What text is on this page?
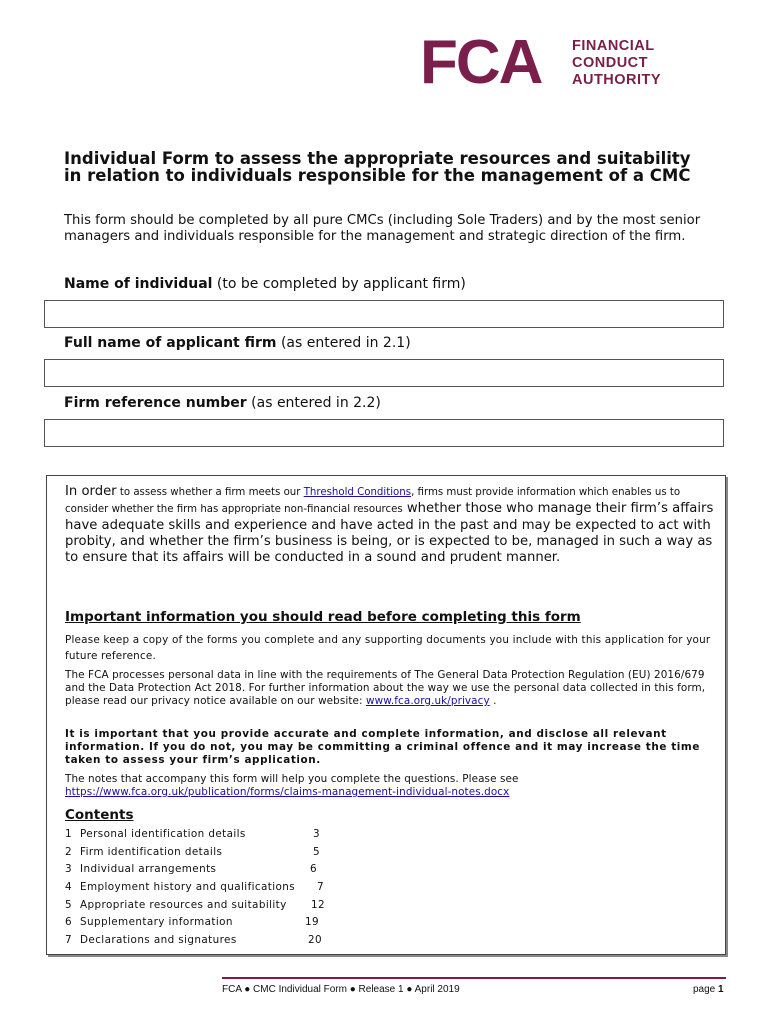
FCA FINANCIAL
CONDUCT
AUTHORITY
Individual Form to assess the appropriate resources and suitability in relation to individuals responsible for the management of a CMC

This form should be completed by all pure CMCs (including Sole Traders) and by the most senior managers and individuals responsible for the management and strategic direction of the firm.

Name of individual (to be completed by applicant firm)

Full name of applicant firm (as entered in 2.1)

Firm reference number (as entered in 2.2)

In order to assess whether a firm meets our Threshold Conditions, firms must provide information which enables us to consider whether the firm has appropriate non-financial resources whether those who manage their firm’s affairs have adequate skills and experience and have acted in the past and may be expected to act with probity, and whether the firm’s business is being, or is expected to be, managed in such a way as to ensure that its affairs will be conducted in a sound and prudent manner.

Important information you should read before completing this form

Please keep a copy of the forms you complete and any supporting documents you include with this application for your future reference.

The FCA processes personal data in line with the requirements of The General Data Protection Regulation (EU) 2016/679 and the Data Protection Act 2018. For further information about the way we use the personal data collected in this form, please read our privacy notice available on our website: www.fca.org.uk/privacy .

It is important that you provide accurate and complete information, and disclose all relevant information. If you do not, you may be committing a criminal offence and it may increase the time taken to assess your firm’s application.

The notes that accompany this form will help you complete the questions. Please see
https://www.fca.org.uk/publication/forms/claims-management-individual-notes.docx

Contents

1 Personal identification details	3
2 Firm identification details	5
3 Individual arrangements	6
4 Employment history and qualifications 7
5 Appropriate resources and suitability 12
6 Supplementary information	19
7 Declarations and signatures	20
FCA ● CMC Individual Form ● Release 1 ● April 2019	page 1
